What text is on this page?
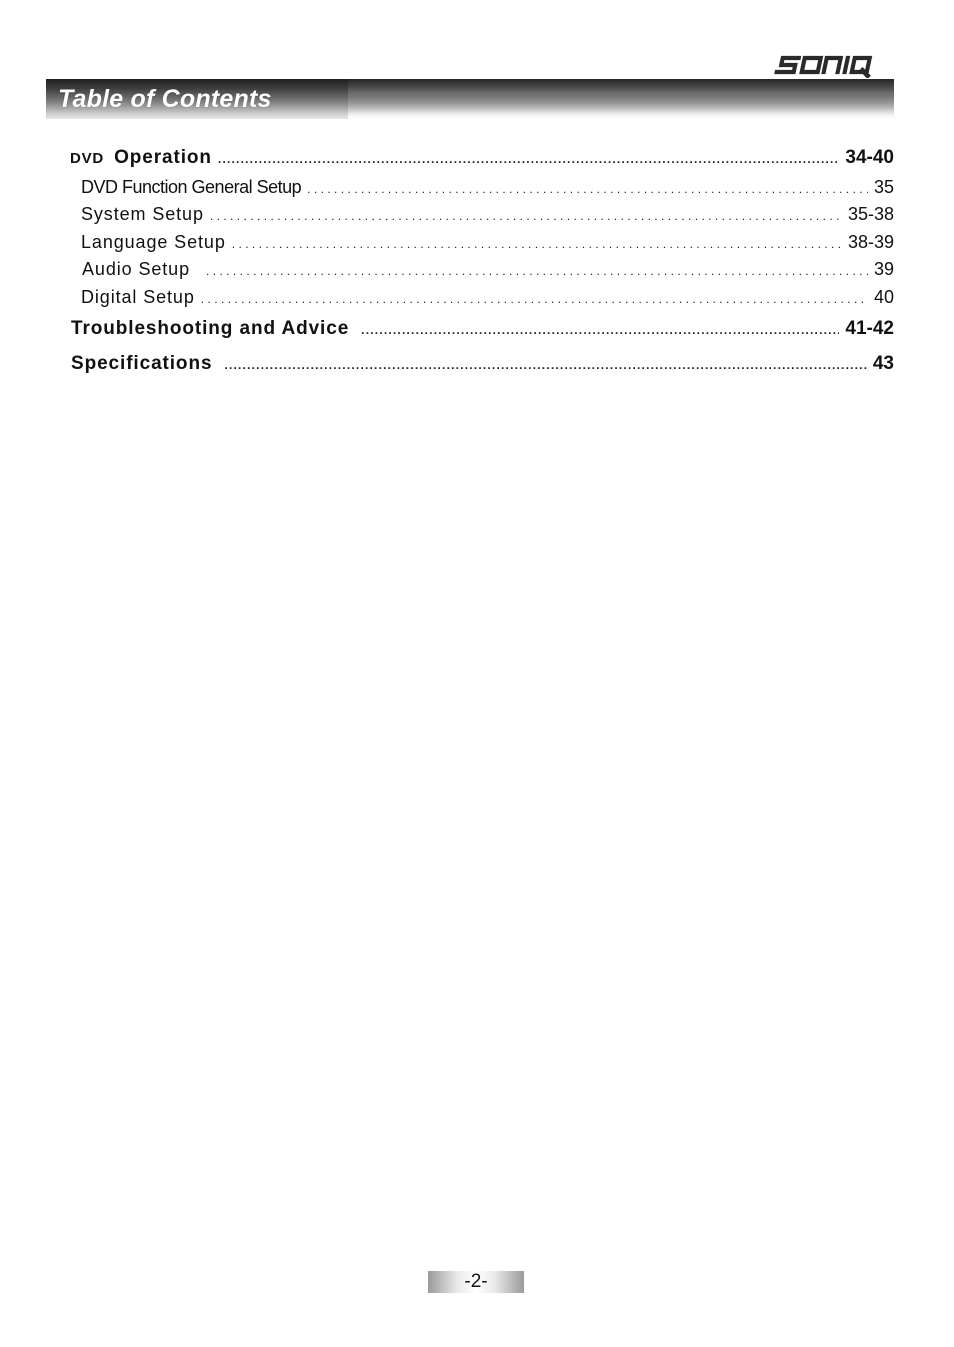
Table of Contents
DVD Operation .....	34-40
DVD Function General Setup .....	35
System Setup .....	35-38
Language Setup .....	38-39
Audio Setup .....	39
Digital Setup .....	40
Troubleshooting and Advice .....	41-42
Specifications .....	43
-2-
